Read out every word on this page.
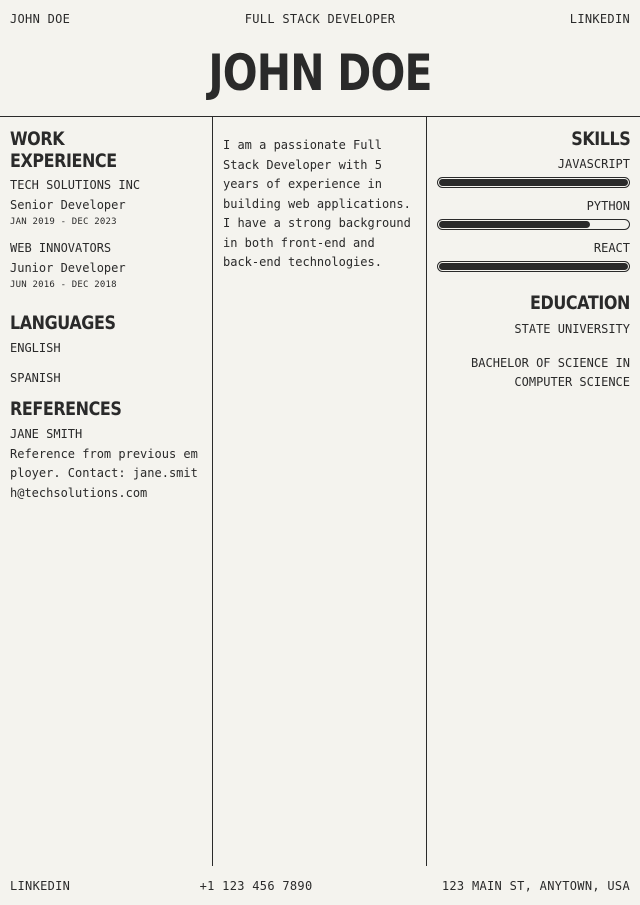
JOHN DOE	FULL STACK DEVELOPER	LINKEDIN
JOHN DOE
WORK EXPERIENCE
TECH SOLUTIONS INC
Senior Developer
JAN 2019 - DEC 2023
WEB INNOVATORS
Junior Developer
JUN 2016 - DEC 2018
LANGUAGES
ENGLISH
SPANISH
REFERENCES
JANE SMITH
Reference from previous employer. Contact: jane.smith@techsolutions.com
I am a passionate Full Stack Developer with 5 years of experience in building web applications. I have a strong background in both front-end and back-end technologies.
SKILLS
JAVASCRIPT
PYTHON
REACT
EDUCATION
STATE UNIVERSITY
BACHELOR OF SCIENCE IN
COMPUTER SCIENCE
LINKEDIN	+1 123 456 7890	123 MAIN ST, ANYTOWN, USA
